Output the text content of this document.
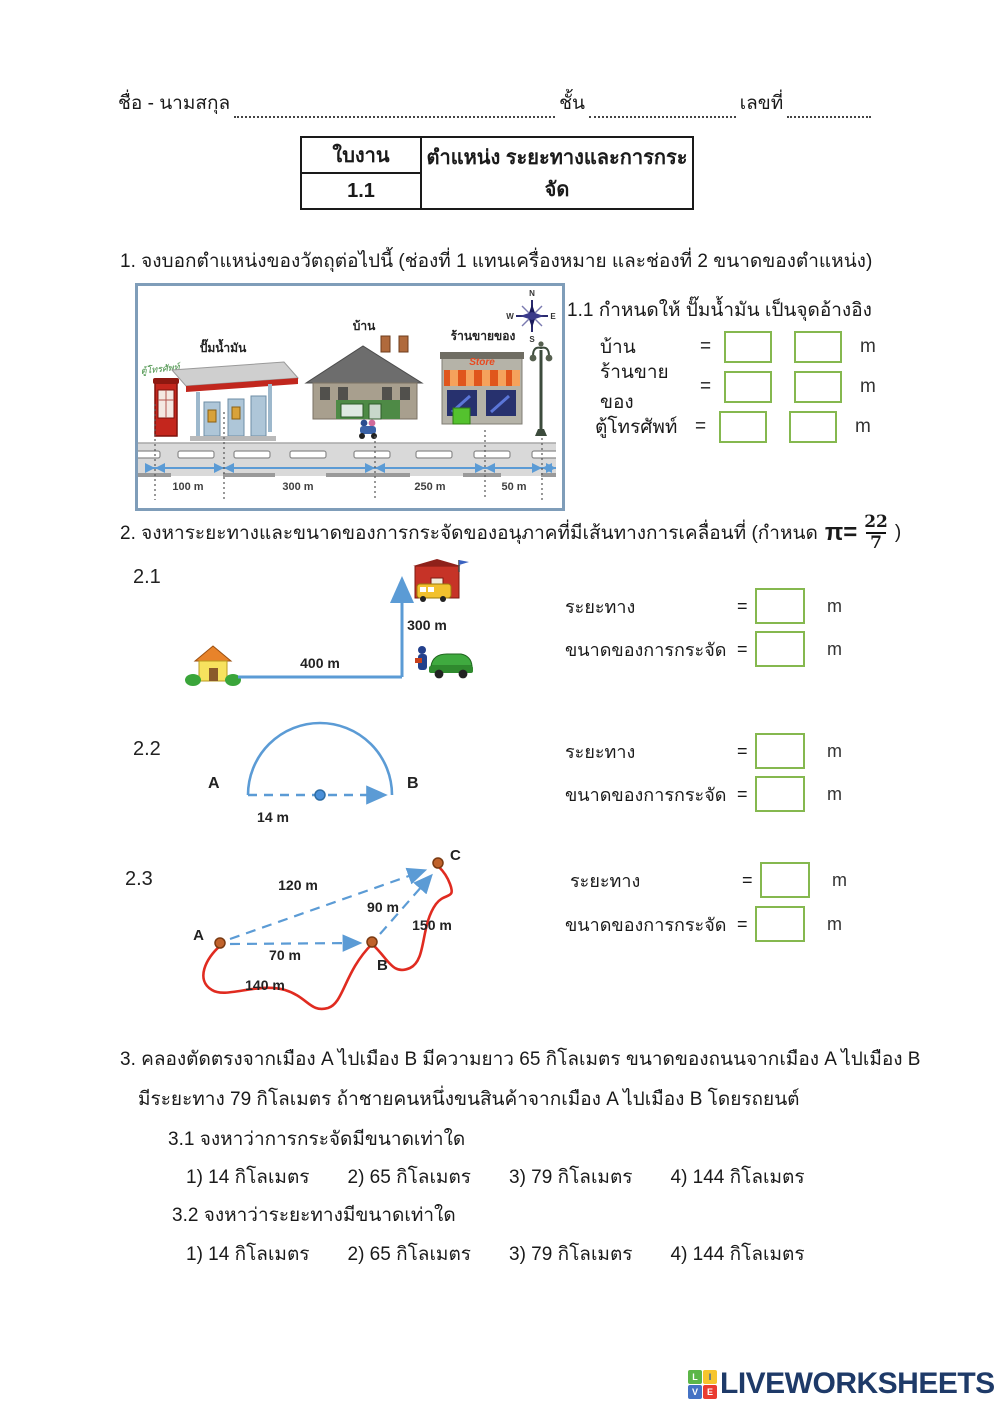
ชื่อ - นามสกุล	ชั้น	เลขที่
ใบงาน
1.1
ตำแหน่ง ระยะทางและการกระจัด
1. จงบอกตำแหน่งของวัตถุต่อไปนี้ (ช่องที่ 1 แทนเครื่องหมาย และช่องที่ 2 ขนาดของตำแหน่ง)
N
W	E
S
ตู้โทรศัพท์
ปั๊มน้ำมัน
บ้าน
Store
ร้านขายของ
100 m	300 m	250 m	50 m
1.1 กำหนดให้ ปั๊มน้ำมัน เป็นจุดอ้างอิง
บ้าน	=	m
ร้านขายของ
=	m
ตู้โทรศัพท์ =	m
2. จงหาระยะทางและขนาดของการกระจัดของอนุภาคที่มีเส้นทางการเคลื่อนที่ (กำหนด $\pi= \frac{22}{7}$ )
2.1
400 m
300 m
ระยะทาง	=	m
ขนาดของการกระจัด =	m
2.2
A	B
14 m
ระยะทาง	=	m
ขนาดของการกระจัด =	m
2.3
A
B
C
120 m
90 m
150 m
70 m
140 m
ระยะทาง	=	m
ขนาดของการกระจัด =	m
3. คลองตัดตรงจากเมือง A ไปเมือง B มีความยาว 65 กิโลเมตร ขนาดของถนนจากเมือง A ไปเมือง B
มีระยะทาง 79 กิโลเมตร ถ้าชายคนหนึ่งขนสินค้าจากเมือง A ไปเมือง B โดยรถยนต์
3.1 จงหาว่าการกระจัดมีขนาดเท่าใด
1) 14 กิโลเมตร 2) 65 กิโลเมตร 3) 79 กิโลเมตร 4) 144 กิโลเมตร
3.2 จงหาว่าระยะทางมีขนาดเท่าใด
1) 14 กิโลเมตร 2) 65 กิโลเมตร 3) 79 กิโลเมตร 4) 144 กิโลเมตร
L	I
V E LIVEWORKSHEETS
